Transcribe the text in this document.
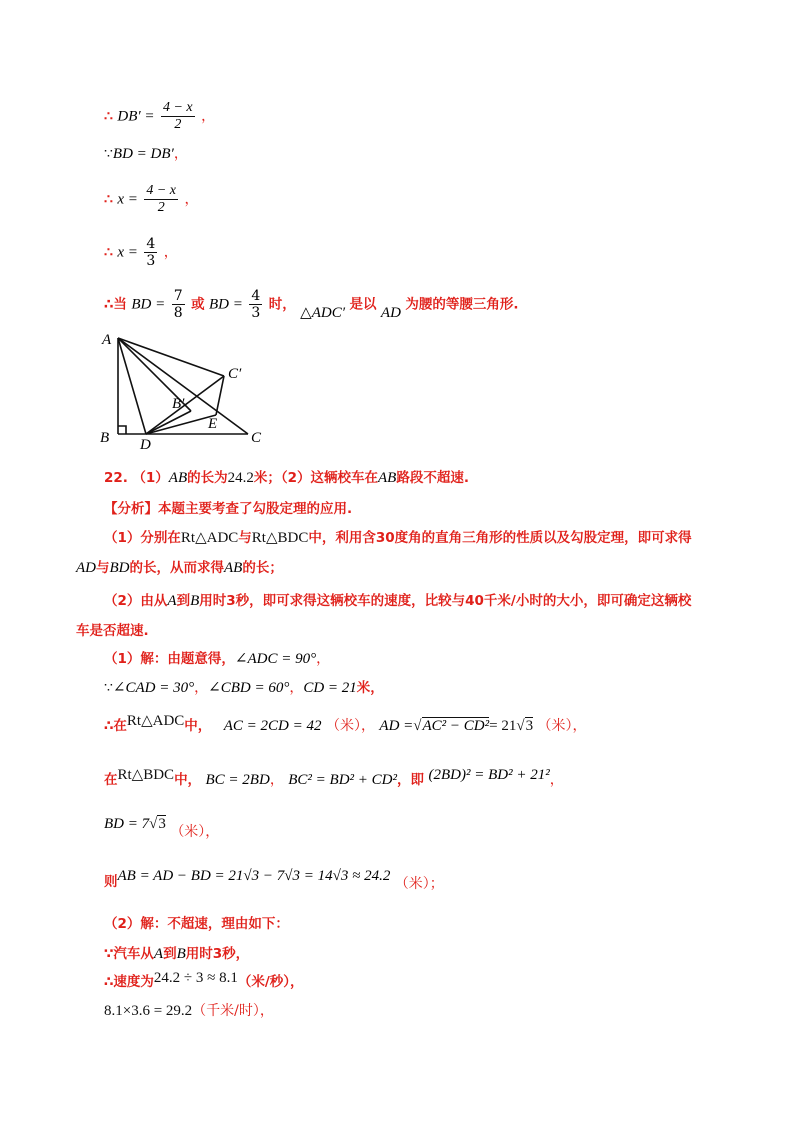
∴ $DB' = \frac{4 - x}{2}$ ，
∵BD = DB′，
∴ $x = \frac{4 - x}{2}$ ，
∴ $x = \frac{4}{3}$ ，
∴当 BD = $\frac{7}{8}$ 或 BD = $\frac{4}{3}$ 时， △ADC′ 是以 AD 为腰的等腰三角形.
A
B	C
D
E
B′
C′
22. （1）AB的长为24.2米；（2）这辆校车在AB路段不超速.
【分析】本题主要考查了勾股定理的应用.
（1）分别在Rt△ADC与Rt△BDC中，利用含30度角的直角三角形的性质以及勾股定理，即可求得
AD与BD的长，从而求得AB的长；
（2）由从A到B用时3秒，即可求得这辆校车的速度，比较与40千米/小时的大小，即可确定这辆校
车是否超速.
（1）解：由题意得，∠ADC = 90°，
∵∠CAD = 30°，∠CBD = 60°，CD = 21米，
∴在Rt△ADC中， AC = 2CD = 42 （米）， AD =√AC² − CD²= 21√3 （米），
在Rt△BDC中， BC = 2BD， BC² = BD² + CD²，即 (2BD)² = BD² + 21²，
BD = 7√3 （米），
则AB = AD − BD = 21√3 − 7√3 = 14√3 ≈ 24.2 （米）；
（2）解：不超速，理由如下：
∵汽车从A到B用时3秒，
∴速度为24.2 ÷ 3 ≈ 8.1（米/秒），
8.1×3.6 = 29.2（千米/时），
